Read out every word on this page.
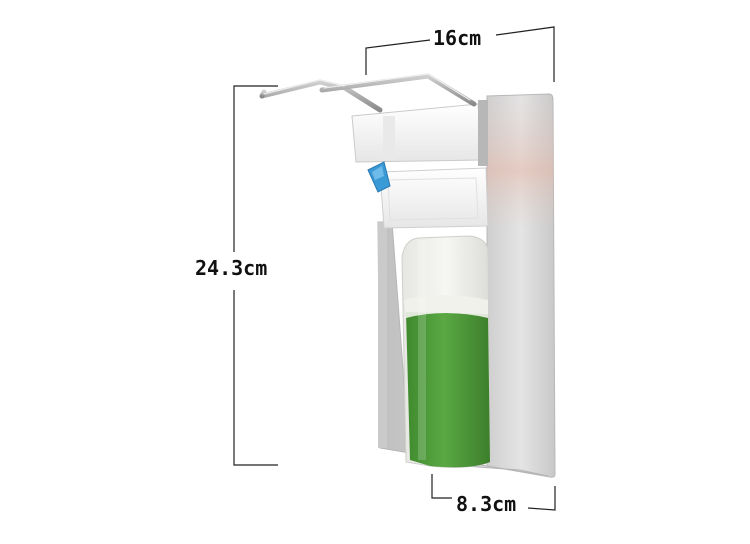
16cm
24.3cm
8.3cm
